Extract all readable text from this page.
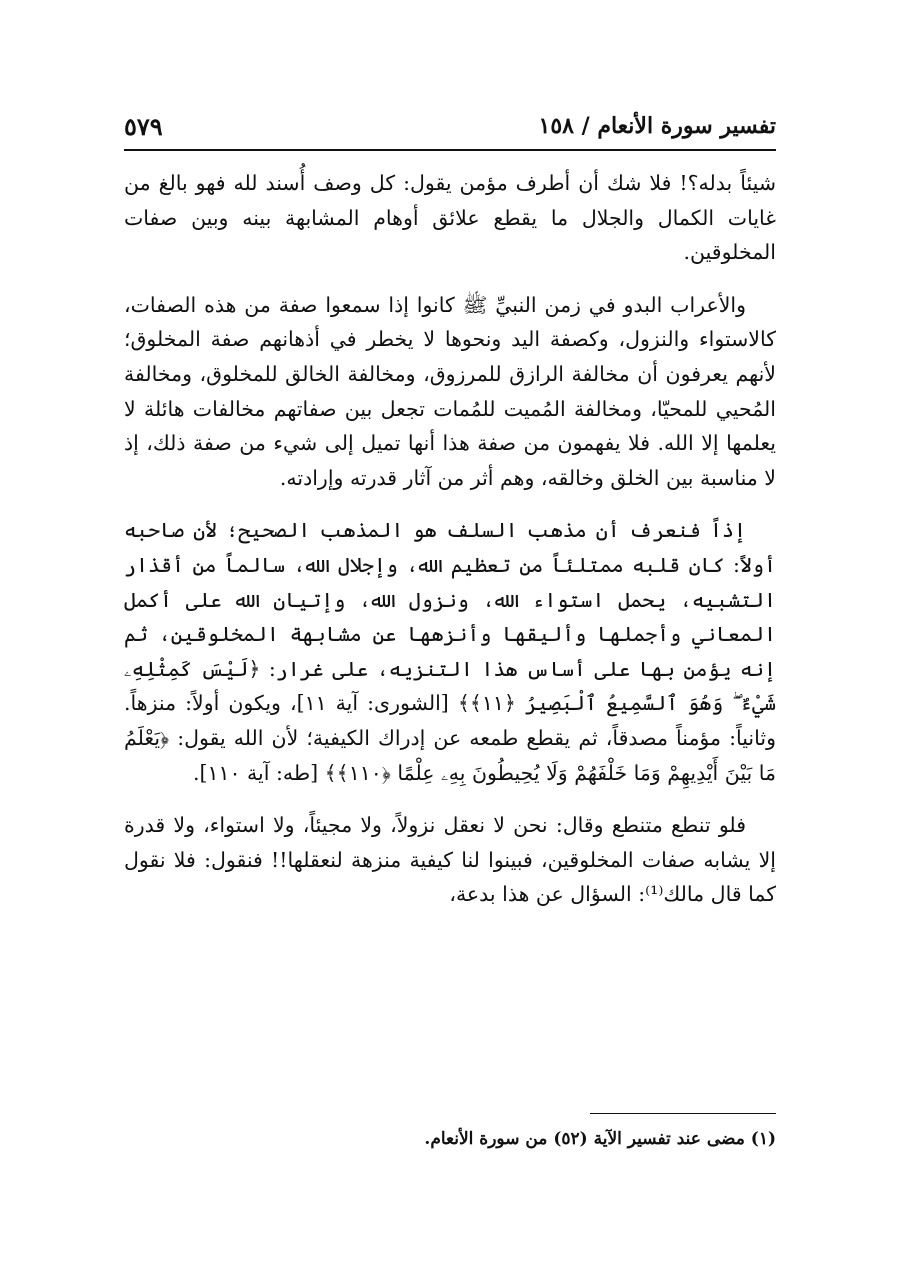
تفسير سورة الأنعام / ١٥٨
٥٧٩

شيئاً بدله؟! فلا شك أن أطرف مؤمن يقول: كل وصف أُسند لله فهو بالغ من غايات الكمال والجلال ما يقطع علائق أوهام المشابهة بينه وبين صفات المخلوقين.

والأعراب البدو في زمن النبيِّ ﷺ كانوا إذا سمعوا صفة من هذه الصفات، كالاستواء والنزول، وكصفة اليد ونحوها لا يخطر في أذهانهم صفة المخلوق؛ لأنهم يعرفون أن مخالفة الرازق للمرزوق، ومخالفة الخالق للمخلوق، ومخالفة المُحيي للمحيّا، ومخالفة المُميت للمُمات تجعل بين صفاتهم مخالفات هائلة لا يعلمها إلا الله. فلا يفهمون من صفة هذا أنها تميل إلى شيء من صفة ذلك، إذ لا مناسبة بين الخلق وخالقه، وهم أثر من آثار قدرته وإرادته.

إذاً فنعرف أن مذهب السلف هو المذهب الصحيح؛ لأن صاحبه أولاً: كان قلبه ممتلئاً من تعظيم الله، وإجلال الله، سالماً من أقذار التشبيه، يحمل استواء الله، ونزول الله، وإتيان الله على أكمل المعاني وأجملها وأليقها وأنزهها عن مشابهة المخلوقين، ثم إنه يؤمن بها على أساس هذا التنزيه، على غرار: ﴿لَيْسَ كَمِثْلِهِۦ شَيْءٌ ۖ وَهُوَ ٱلسَّمِيعُ ٱلْبَصِيرُ ﴿١١﴾﴾ [الشورى: آية ١١]، ويكون أولاً: منزهاً. وثانياً: مؤمناً مصدقاً، ثم يقطع طمعه عن إدراك الكيفية؛ لأن الله يقول: ﴿يَعْلَمُ مَا بَيْنَ أَيْدِيهِمْ وَمَا خَلْفَهُمْ وَلَا يُحِيطُونَ بِهِۦ عِلْمًا ﴿١١٠﴾﴾ [طه: آية ١١٠].

فلو تنطع متنطع وقال: نحن لا نعقل نزولاً، ولا مجيئاً، ولا استواء، ولا قدرة إلا يشابه صفات المخلوقين، فبينوا لنا كيفية منزهة لنعقلها!! فنقول: فلا نقول كما قال مالك⁽¹⁾: السؤال عن هذا بدعة،

(١) مضى عند تفسير الآية (٥٢) من سورة الأنعام.
